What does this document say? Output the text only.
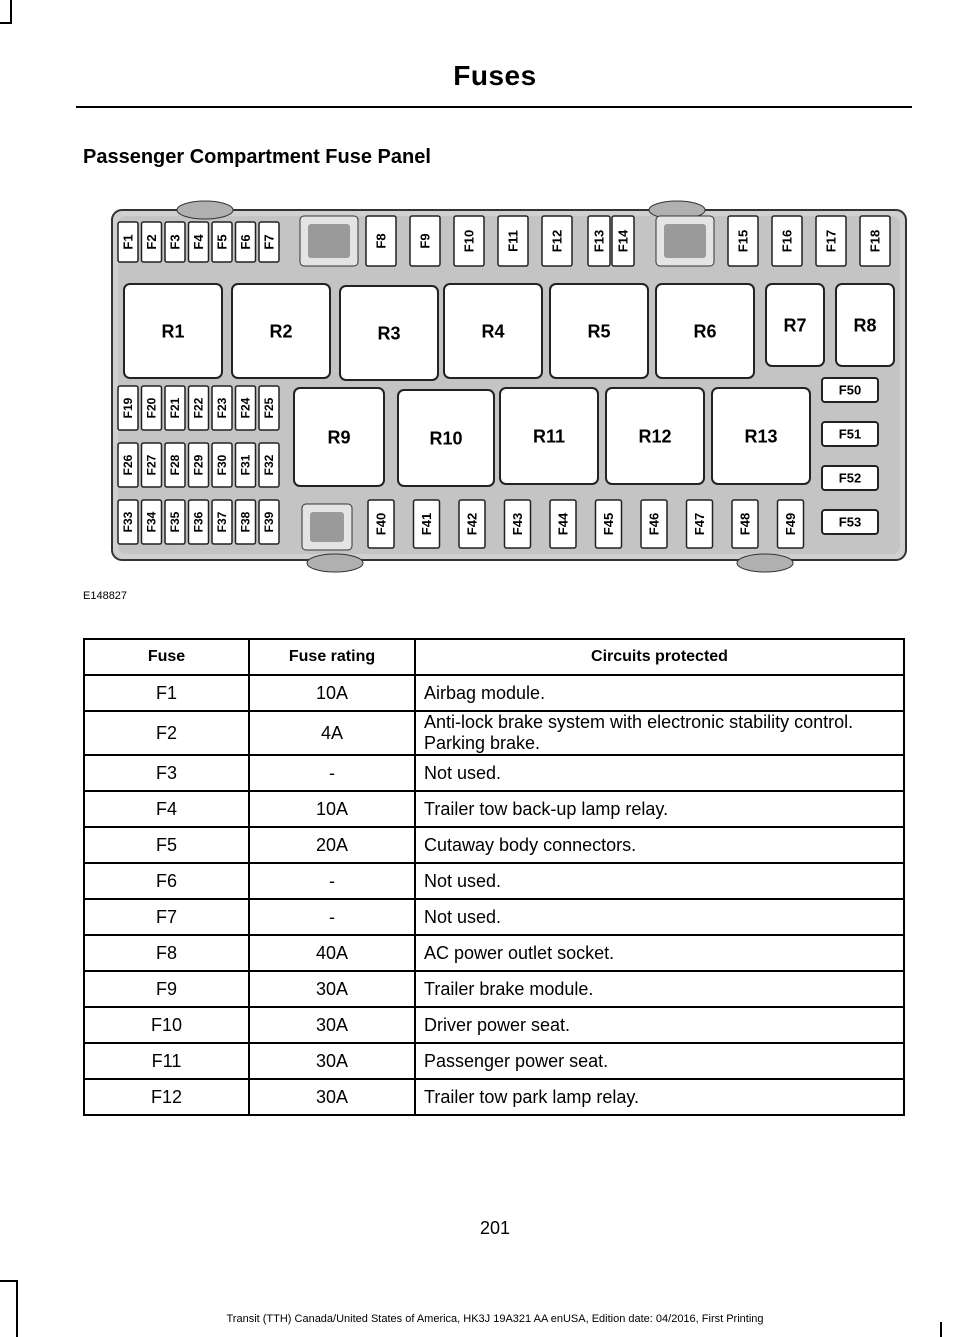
Fuses
Passenger Compartment Fuse Panel
F1 F2 F3 F4 F5 F6 F7	F8 F9 F10 F11 F12 F13 F14	F15 F16 F17 F18
R1	R2	R3	R4	R5	R6	R7	R8
R9	R10	R11	R12	R13
F19 F20 F21 F22 F23 F24 F25
F26 F27 F28 F29 F30 F31 F32
F33 F34 F35 F36 F37 F38 F39	F40 F41 F42 F43 F44 F45 F46 F47 F48 F49
F50
F51
F52
F53
E148827
Fuse	Fuse rating	Circuits protected
F1	10A	Airbag module.

F2	4A	Anti-lock brake system with electronic stability control.
Parking brake.

F3	-	Not used.

F4	10A	Trailer tow back-up lamp relay.

F5	20A	Cutaway body connectors.

F6	-	Not used.

F7	-	Not used.

F8	40A	AC power outlet socket.

F9	30A	Trailer brake module.

F10	30A	Driver power seat.

F11	30A	Passenger power seat.

F12	30A	Trailer tow park lamp relay.
201
Transit (TTH) Canada/United States of America, HK3J 19A321 AA enUSA, Edition date: 04/2016, First Printing
